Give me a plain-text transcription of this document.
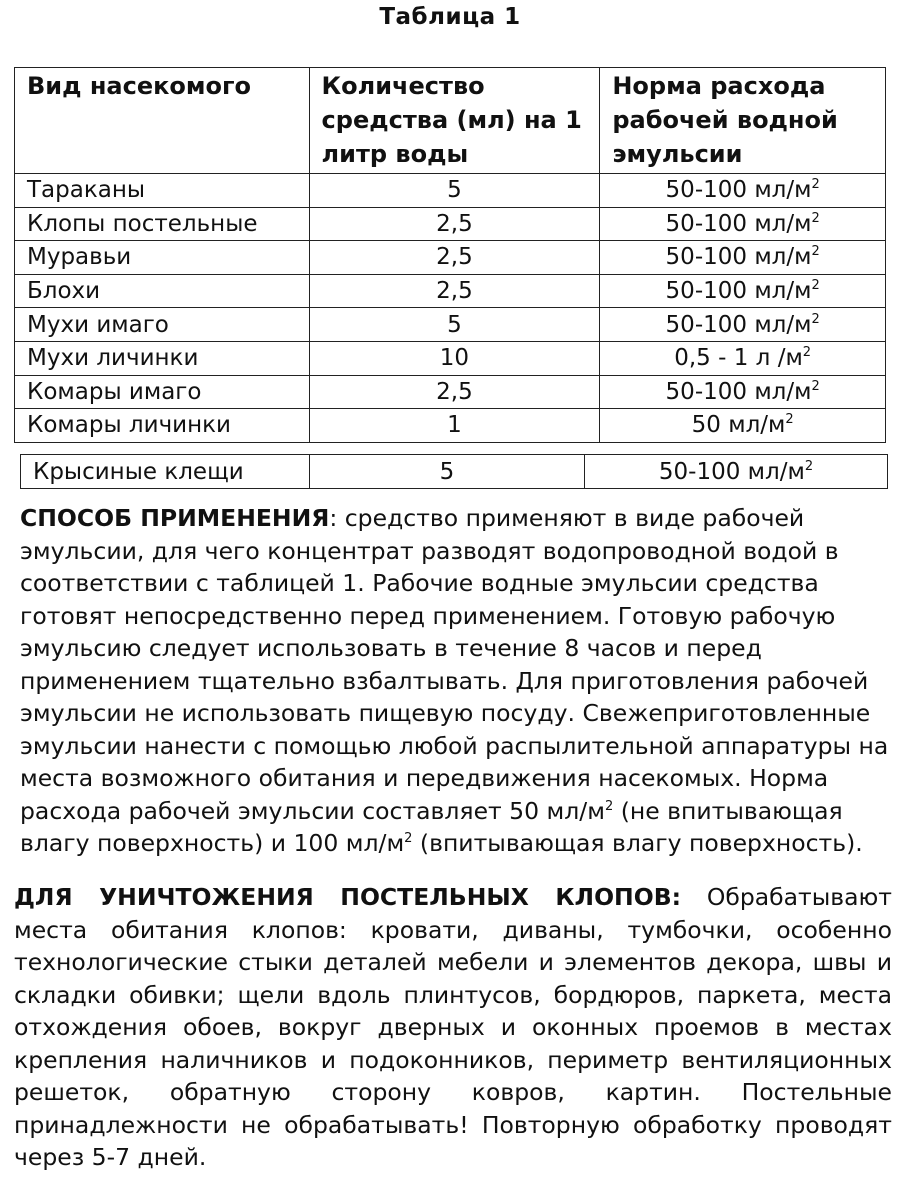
Таблица 1
Вид насекомого	Количество средства (мл) на 1 литр воды	Норма расхода рабочей водной эмульсии
Тараканы	5	50-100 $мл/м^2$
Клопы постельные	2,5	50-100 $мл/м^2$
Муравьи	2,5	50-100 $мл/м^2$
Блохи	2,5	50-100 $мл/м^2$
Мухи имаго	5	50-100 $мл/м^2$
Мухи личинки	10	0,5 - 1 л $/м^2$
Комары имаго	2,5	50-100 $мл/м^2$
Комары личинки	1	50 $мл/м^2$
Крысиные клещи	5	50-100 $мл/м^2$

СПОСОБ ПРИМЕНЕНИЯ: средство применяют в виде рабочей эмульсии, для чего концентрат разводят водопроводной водой в соответствии с таблицей 1. Рабочие водные эмульсии средства готовят непосредственно перед применением. Готовую рабочую эмульсию следует использовать в течение 8 часов и перед применением тщательно взбалтывать. Для приготовления рабочей эмульсии не использовать пищевую посуду. Свежеприготовленные эмульсии нанести с помощью любой распылительной аппаратуры на места возможного обитания и передвижения насекомых. Норма расхода рабочей эмульсии составляет 50 $мл/м^2$ (не впитывающая влагу поверхность) и 100 $мл/м^2$ (впитывающая влагу поверхность).

ДЛЯ УНИЧТОЖЕНИЯ ПОСТЕЛЬНЫХ КЛОПОВ: Обрабатывают места обитания клопов: кровати, диваны, тумбочки, особенно технологические стыки деталей мебели и элементов декора, швы и складки обивки; щели вдоль плинтусов, бордюров, паркета, места отхождения обоев, вокруг дверных и оконных проемов в местах крепления наличников и подоконников, периметр вентиляционных решеток, обратную сторону ковров, картин. Постельные принадлежности не обрабатывать! Повторную обработку проводят через 5-7 дней.
